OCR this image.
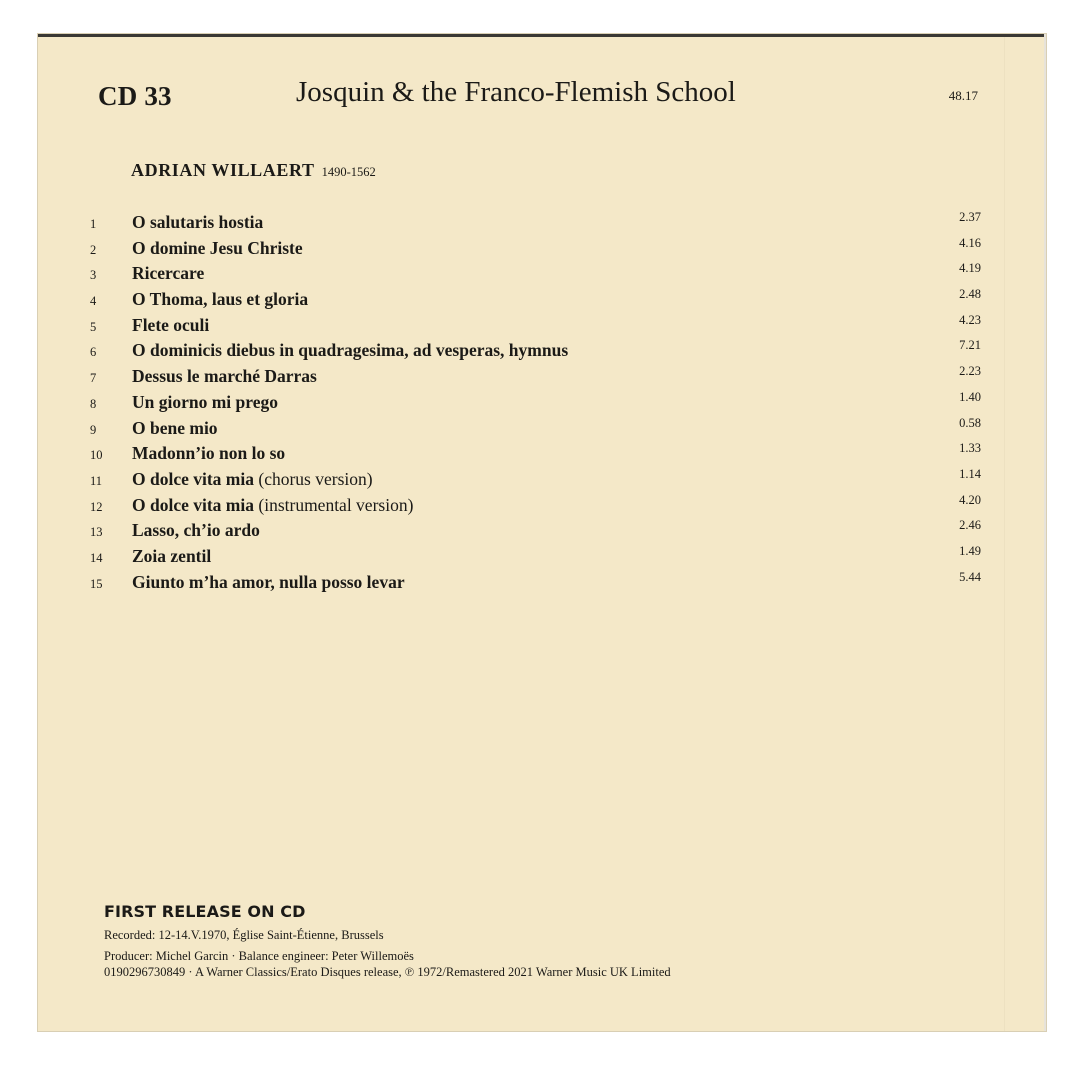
CD 33	Josquin & the Franco-Flemish School	48.17
ADRIAN WILLAERT 1490-1562
1	O salutaris hostia	2.37
2	O domine Jesu Christe	4.16
3	Ricercare	4.19
4	O Thoma, laus et gloria	2.48
5	Flete oculi	4.23
6	O dominicis diebus in quadragesima, ad vesperas, hymnus	7.21
7	Dessus le marché Darras	2.23
8	Un giorno mi prego	1.40
9	O bene mio	0.58
10	Madonn’io non lo so	1.33
11	O dolce vita mia (chorus version)	1.14
12	O dolce vita mia (instrumental version)	4.20
13	Lasso, ch’io ardo	2.46
14	Zoia zentil	1.49
15	Giunto m’ha amor, nulla posso levar	5.44
FIRST RELEASE ON CD
Recorded: 12-14.V.1970, Église Saint-Étienne, Brussels
Producer: Michel Garcin · Balance engineer: Peter Willemoës
0190296730849 · A Warner Classics/Erato Disques release, ℗ 1972/Remastered 2021 Warner Music UK Limited
